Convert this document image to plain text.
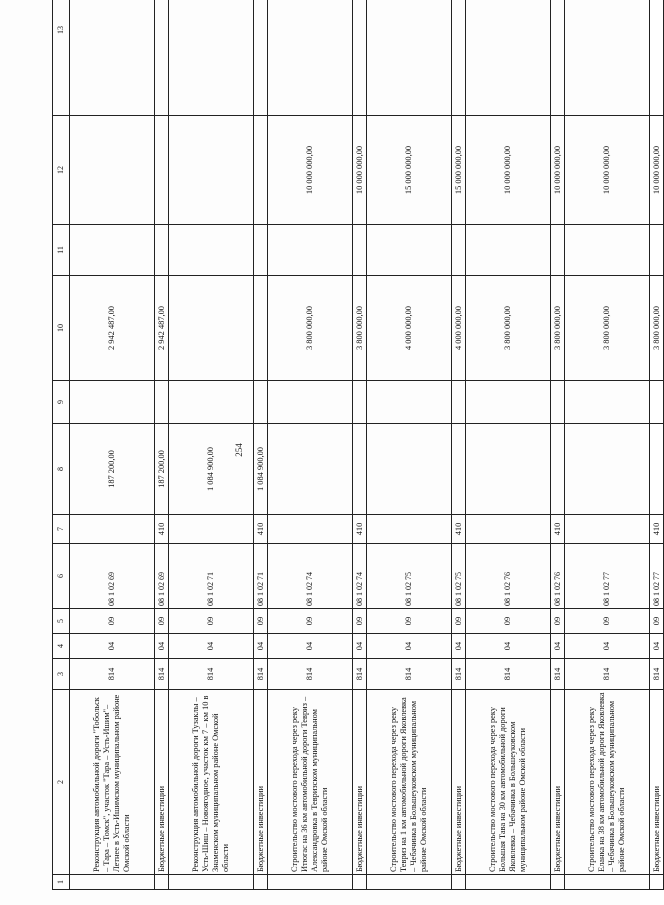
254
1	2	3	4	5	6	7	8	9	10	11	12	13
	Реконструкция автомобильной дороги "Тобольск – Тара – Томск", участок "Тара – Усть-Ишим"–Летнее в Усть-Ишимском муниципальном районе Омской области	814	04	09	08 1 02 69		187 200,00		2 942 487,00			
	Бюджетные инвестиции	814	04	09	08 1 02 69	410	187 200,00		2 942 487,00			
	Реконструкция автомобильной дороги Тузаклы – Усть-Шиш – Новоягодное, участок км 7 – км 10 в Знаменском муниципальном районе Омской области	814	04	09	08 1 02 71		1 084 900,00					
	Бюджетные инвестиции	814	04	09	08 1 02 71	410	1 084 900,00					
	Строительство мостового перехода через реку Итюгас на 36 км автомобильной дороги Тевриз – Александровка в Тевризском муниципальном районе Омской области	814	04	09	08 1 02 74				3 800 000,00		10 000 000,00	
	Бюджетные инвестиции	814	04	09	08 1 02 74	410			3 800 000,00		10 000 000,00	
	Строительство мостового перехода через реку Тевриз на 1 км автомобильной дороги Яковлевка – Чебачинка в Большеуковском муниципальном районе Омской области	814	04	09	08 1 02 75				4 000 000,00		15 000 000,00	
	Бюджетные инвестиции	814	04	09	08 1 02 75	410			4 000 000,00		15 000 000,00	
	Строительство мостового перехода через реку Большая Тава на 30 км автомобильной дороги Яковлевка – Чебачинка в Большеуковском муниципальном районе Омской области	814	04	09	08 1 02 76				3 800 000,00		10 000 000,00	
	Бюджетные инвестиции	814	04	09	08 1 02 76	410			3 800 000,00		10 000 000,00	
	Строительство мостового перехода через реку Еланка на 38 км автомобильной дороги Яковлевка – Чебачинка в Большеуковском муниципальном районе Омской области	814	04	09	08 1 02 77				3 800 000,00		10 000 000,00	
	Бюджетные инвестиции	814	04	09	08 1 02 77	410			3 800 000,00		10 000 000,00	
